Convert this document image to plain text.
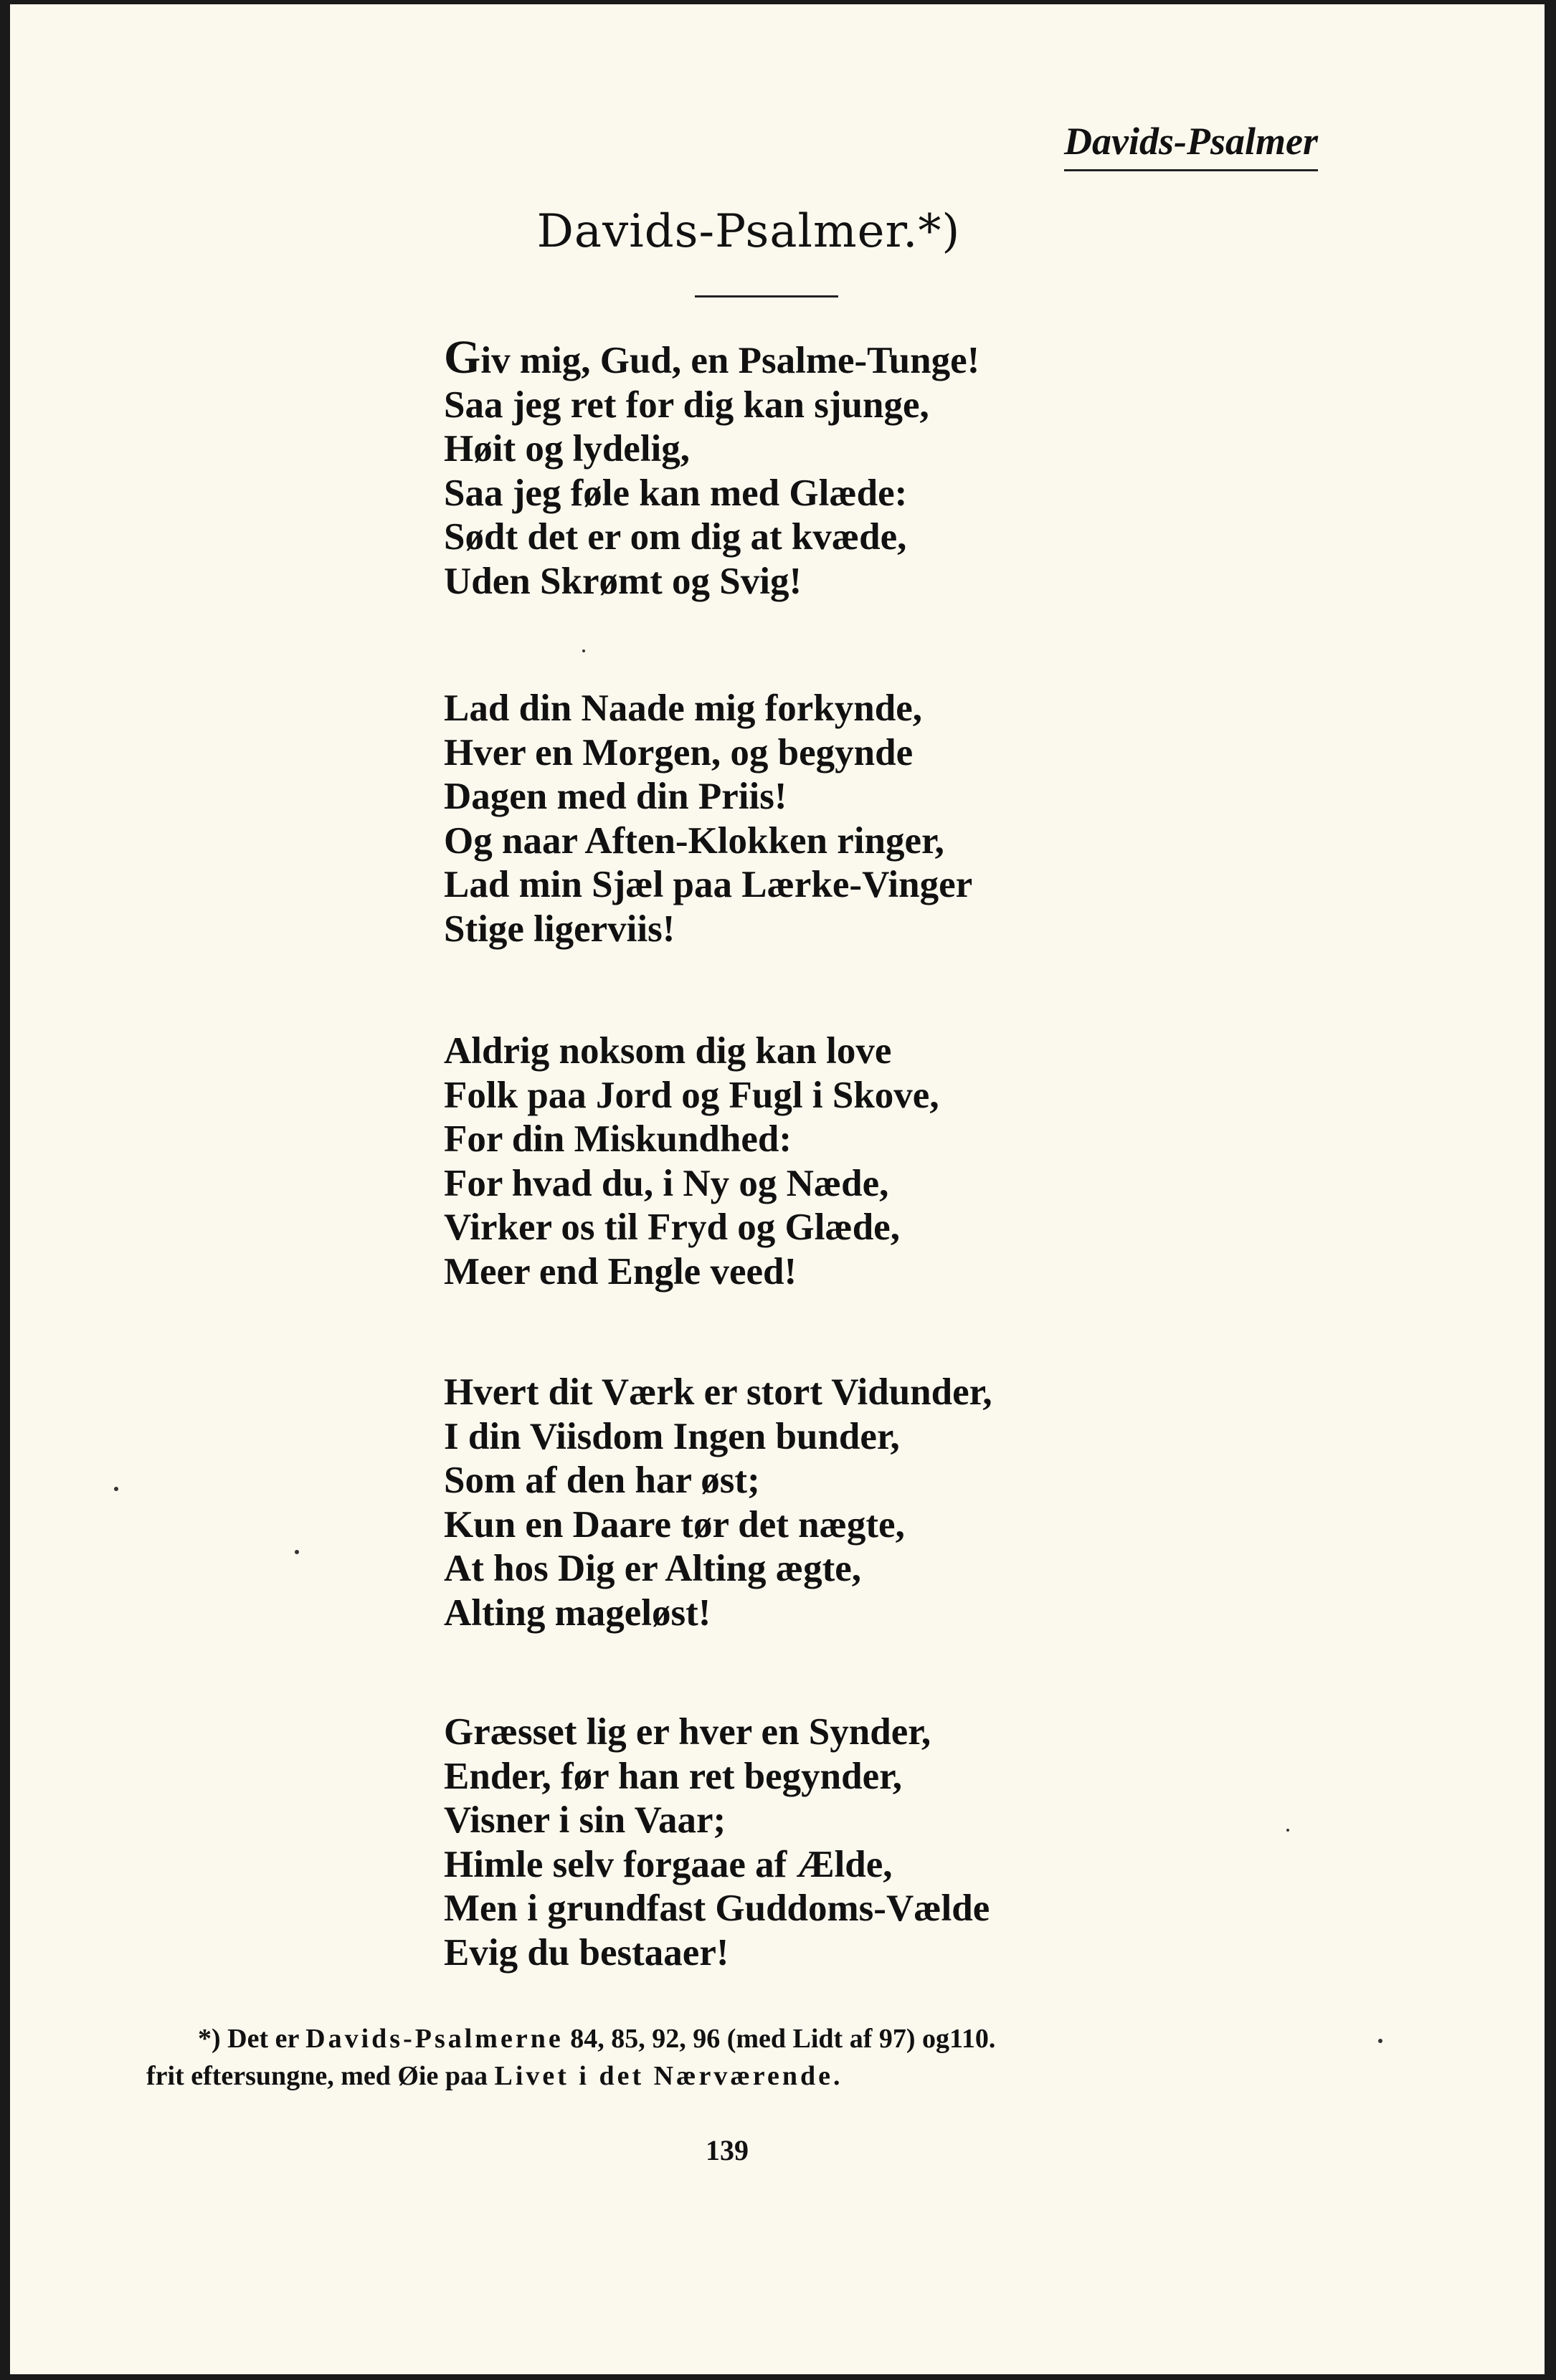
Davids-Psalmer
Davids-Psalmer.*)
Giv mig, Gud, en Psalme-Tunge!
Saa jeg ret for dig kan sjunge,
Høit og lydelig,
Saa jeg føle kan med Glæde:
Sødt det er om dig at kvæde,
Uden Skrømt og Svig!
Lad din Naade mig forkynde,
Hver en Morgen, og begynde
Dagen med din Priis!
Og naar Aften-Klokken ringer,
Lad min Sjæl paa Lærke-Vinger
Stige ligerviis!
Aldrig noksom dig kan love
Folk paa Jord og Fugl i Skove,
For din Miskundhed:
For hvad du, i Ny og Næde,
Virker os til Fryd og Glæde,
Meer end Engle veed!
Hvert dit Værk er stort Vidunder,
I din Viisdom Ingen bunder,
Som af den har øst;
Kun en Daare tør det nægte,
At hos Dig er Alting ægte,
Alting mageløst!
Græsset lig er hver en Synder,
Ender, før han ret begynder,
Visner i sin Vaar;
Himle selv forgaae af Ælde,
Men i grundfast Guddoms-Vælde
Evig du bestaaer!
*) Det er Davids-Psalmerne 84, 85, 92, 96 (med Lidt af 97) og110.
frit eftersungne, med Øie paa Livet i det Nærværende.
139
